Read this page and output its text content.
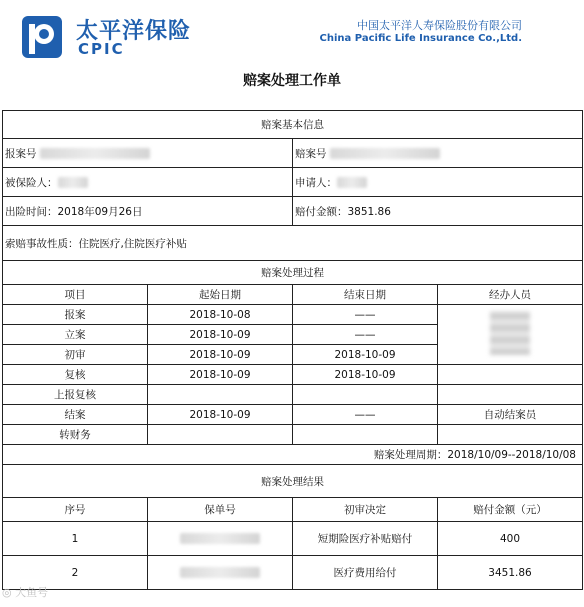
太平洋保险
CPIC
中国太平洋人寿保险股份有限公司
China Pacific Life Insurance Co.,Ltd.
赔案处理工作单
赔案基本信息			
报案号		赔案号	
被保险人：		申请人：	
出险时间：2018年09月26日		赔付金额：3851.86	
索赔事故性质：住院医疗,住院医疗补贴			
赔案处理过程			
项目	起始日期	结束日期	经办人员
报案	2018-10-08	——	
立案	2018-10-09	——	
初审	2018-10-09	2018-10-09	
复核	2018-10-09	2018-10-09	
上报复核			
结案	2018-10-09	——	自动结案员
转财务			
赔案处理周期：2018/10/09--2018/10/08			
赔案处理结果			
序号	保单号	初审决定	赔付金额（元）
1		短期险医疗补贴赔付	400
2		医疗费用给付	3451.86
◎ 大鱼号
